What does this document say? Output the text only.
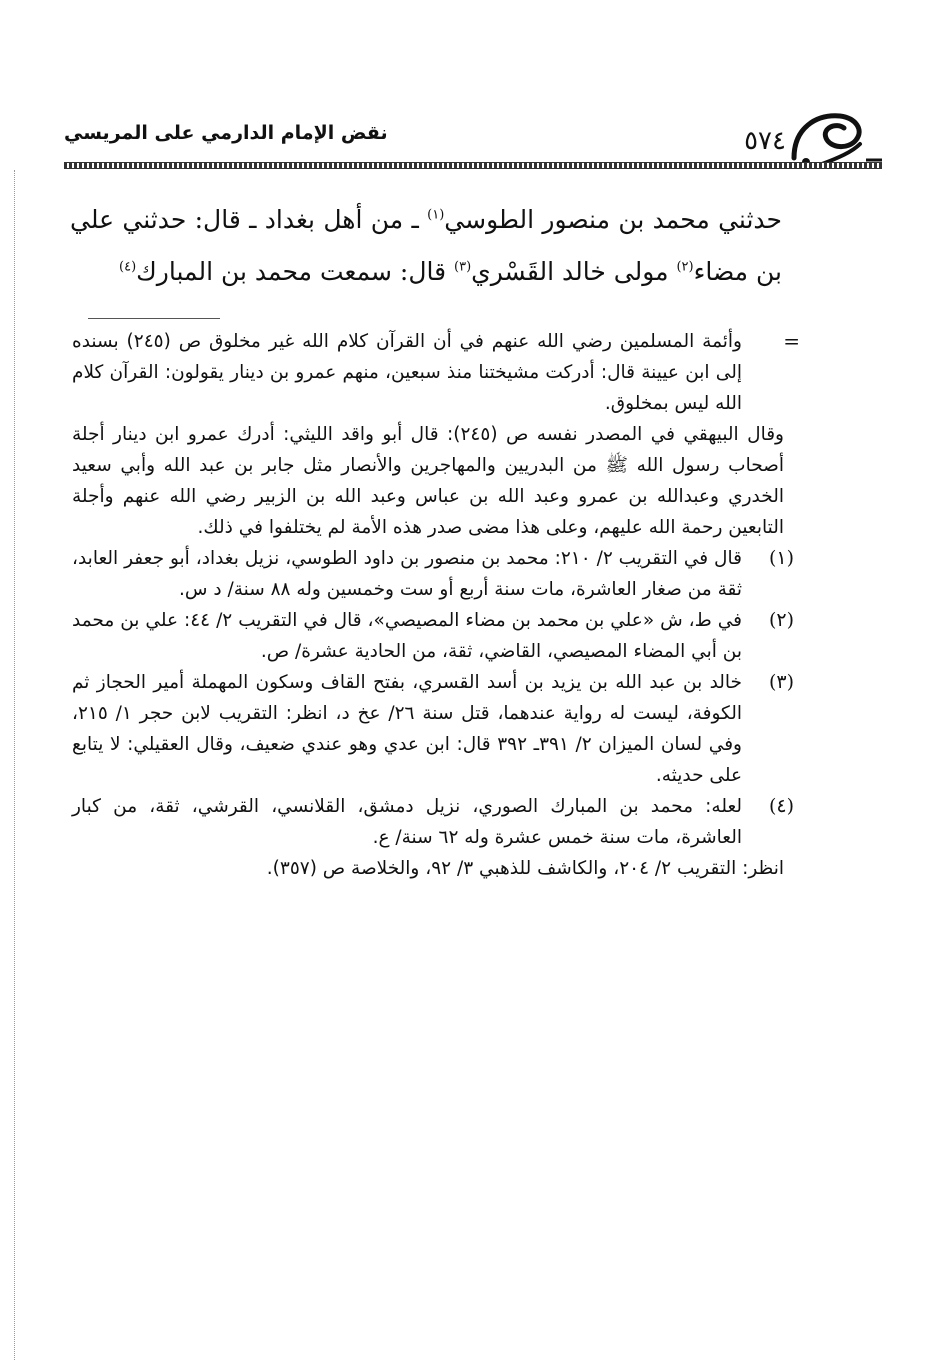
٥٧٤
نقض الإمام الدارمي على المريسي
حدثني محمد بن منصور الطوسي$^{(١)}$ ـ من أهل بغداد ـ قال: حدثني علي بن مضاء$^{(٢)}$ مولى خالد القَسْري$^{(٣)}$ قال: سمعت محمد بن المبارك$^{(٤)}$
=

وأئمة المسلمين رضي الله عنهم في أن القرآن كلام الله غير مخلوق ص (٢٤٥) بسنده إلى ابن عيينة قال: أدركت مشيختنا منذ سبعين، منهم عمرو بن دينار يقولون: القرآن كلام الله ليس بمخلوق.

وقال البيهقي في المصدر نفسه ص (٢٤٥): قال أبو واقد الليثي: أدرك عمرو ابن دينار أجلة أصحاب رسول الله ﷺ من البدريين والمهاجرين والأنصار مثل جابر بن عبد الله وأبي سعيد الخدري وعبدالله بن عمرو وعبد الله بن عباس وعبد الله بن الزبير رضي الله عنهم وأجلة التابعين رحمة الله عليهم، وعلى هذا مضى صدر هذه الأمة لم يختلفوا في ذلك.

(١)

قال في التقريب ٢/ ٢١٠: محمد بن منصور بن داود الطوسي، نزيل بغداد، أبو جعفر العابد، ثقة من صغار العاشرة، مات سنة أربع أو ست وخمسين وله ٨٨ سنة/ د س.

(٢)

في ط، ش «علي بن محمد بن مضاء المصيصي»، قال في التقريب ٢/ ٤٤: علي بن محمد بن أبي المضاء المصيصي، القاضي، ثقة، من الحادية عشرة/ ص.

(٣)

خالد بن عبد الله بن يزيد بن أسد القسري، بفتح القاف وسكون المهملة أمير الحجاز ثم الكوفة، ليست له رواية عندهما، قتل سنة ٢٦/ عخ د، انظر: التقريب لابن حجر ١/ ٢١٥، وفي لسان الميزان ٢/ ٣٩١ـ ٣٩٢ قال: ابن عدي وهو عندي ضعيف، وقال العقيلي: لا يتابع على حديثه.

(٤)

لعله: محمد بن المبارك الصوري، نزيل دمشق، القلانسي، القرشي، ثقة، من كبار العاشرة، مات سنة خمس عشرة وله ٦٢ سنة/ ع.

انظر: التقريب ٢/ ٢٠٤، والكاشف للذهبي ٣/ ٩٢، والخلاصة ص (٣٥٧).
